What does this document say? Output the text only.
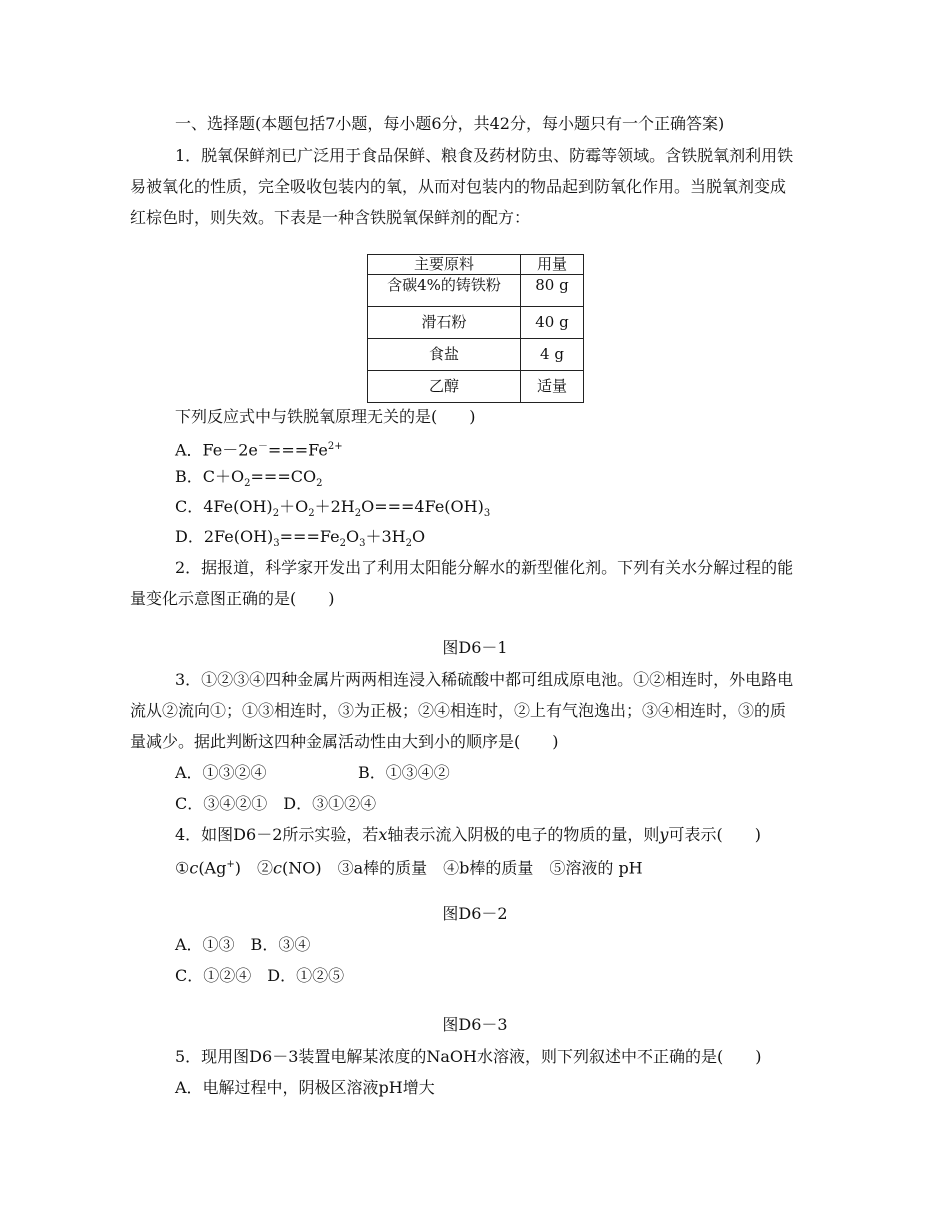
一、选择题(本题包括7小题，每小题6分，共42分，每小题只有一个正确答案)
1．脱氧保鲜剂已广泛用于食品保鲜、粮食及药材防虫、防霉等领域。含铁脱氧剂利用铁
易被氧化的性质，完全吸收包装内的氧，从而对包装内的物品起到防氧化作用。当脱氧剂变成
红棕色时，则失效。下表是一种含铁脱氧保鲜剂的配方：
主要原料	用量
含碳4%的铸铁粉	80 g
滑石粉	40 g
食盐	4 g
乙醇	适量
下列反应式中与铁脱氧原理无关的是(　　)
A．$Fe-2e^-===Fe^{2+}$
B．$C+O_2===CO_2$
C．$4Fe(OH)_2+O_2+2H_2O===4Fe(OH)_3$
D．$2Fe(OH)_3===Fe_2O_3+3H_2O$
2．据报道，科学家开发出了利用太阳能分解水的新型催化剂。下列有关水分解过程的能
量变化示意图正确的是(　　)
图D6－1
3．①②③④四种金属片两两相连浸入稀硫酸中都可组成原电池。①②相连时，外电路电
流从②流向①；①③相连时，③为正极；②④相连时，②上有气泡逸出；③④相连时，③的质
量减少。据此判断这四种金属活动性由大到小的顺序是(　　)
A．①③②④	B．①③④②
C．③④②①　D．③①②④
4．如图D6－2所示实验，若x轴表示流入阴极的电子的物质的量，则y可表示(　　)
①c(Ag+)　②c(NO)　③a棒的质量　④b棒的质量　⑤溶液的 pH
图D6－2
A．①③　B．③④
C．①②④　D．①②⑤
图D6－3
5．现用图D6－3装置电解某浓度的NaOH水溶液，则下列叙述中不正确的是(　　)
A．电解过程中，阴极区溶液pH增大
